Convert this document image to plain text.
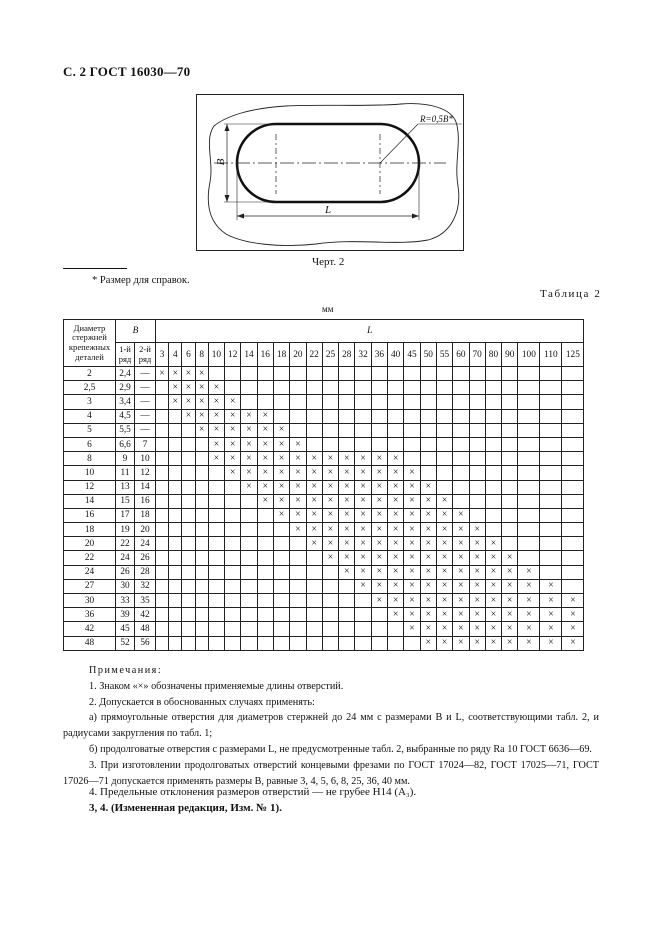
С. 2 ГОСТ 16030—70
B
L
R=0,5B*
Черт. 2
* Размер для справок.
Таблица 2
мм
Диаметр стержней крепежных деталей	B		L																									
	1-й ряд	2-й ряд	3	4	6	8	10	12	14	16	18	20	22	25	28	32	36	40	45	50	55	60	70	80	90	100	110	125
2	2,4	—	×	×	×	×																						
2,5	2,9	—		×	×	×	×																					
3	3,4	—		×	×	×	×	×																				
4	4,5	—			×	×	×	×	×	×																		
5	5,5	—				×	×	×	×	×	×																	
6	6,6	7					×	×	×	×	×	×																
8	9	10					×	×	×	×	×	×	×	×	×	×	×	×										
10	11	12						×	×	×	×	×	×	×	×	×	×	×	×									
12	13	14							×	×	×	×	×	×	×	×	×	×	×	×								
14	15	16								×	×	×	×	×	×	×	×	×	×	×	×							
16	17	18									×	×	×	×	×	×	×	×	×	×	×	×						
18	19	20										×	×	×	×	×	×	×	×	×	×	×	×					
20	22	24											×	×	×	×	×	×	×	×	×	×	×	×				
22	24	26												×	×	×	×	×	×	×	×	×	×	×	×			
24	26	28													×	×	×	×	×	×	×	×	×	×	×	×		
27	30	32														×	×	×	×	×	×	×	×	×	×	×	×	
30	33	35															×	×	×	×	×	×	×	×	×	×	×	×
36	39	42																×	×	×	×	×	×	×	×	×	×	×
42	45	48																	×	×	×	×	×	×	×	×	×	×
48	52	56																		×	×	×	×	×	×	×	×	×

Примечания:

1. Знаком «×» обозначены применяемые длины отверстий.

2. Допускается в обоснованных случаях применять:

а) прямоугольные отверстия для диаметров стержней до 24 мм с размерами B и L, соответствующими табл. 2, и радиусами закругления по табл. 1;

б) продолговатые отверстия с размерами L, не предусмотренные табл. 2, выбранные по ряду Ra 10 ГОСТ 6636—69.

3. При изготовлении продолговатых отверстий концевыми фрезами по ГОСТ 17024—82, ГОСТ 17025—71, ГОСТ 17026—71 допускается применять размеры B, равные 3, 4, 5, 6, 8, 25, 36, 40 мм.

4. Предельные отклонения размеров отверстий — не грубее H14 (A₃).
3, 4. (Измененная редакция, Изм. № 1).
